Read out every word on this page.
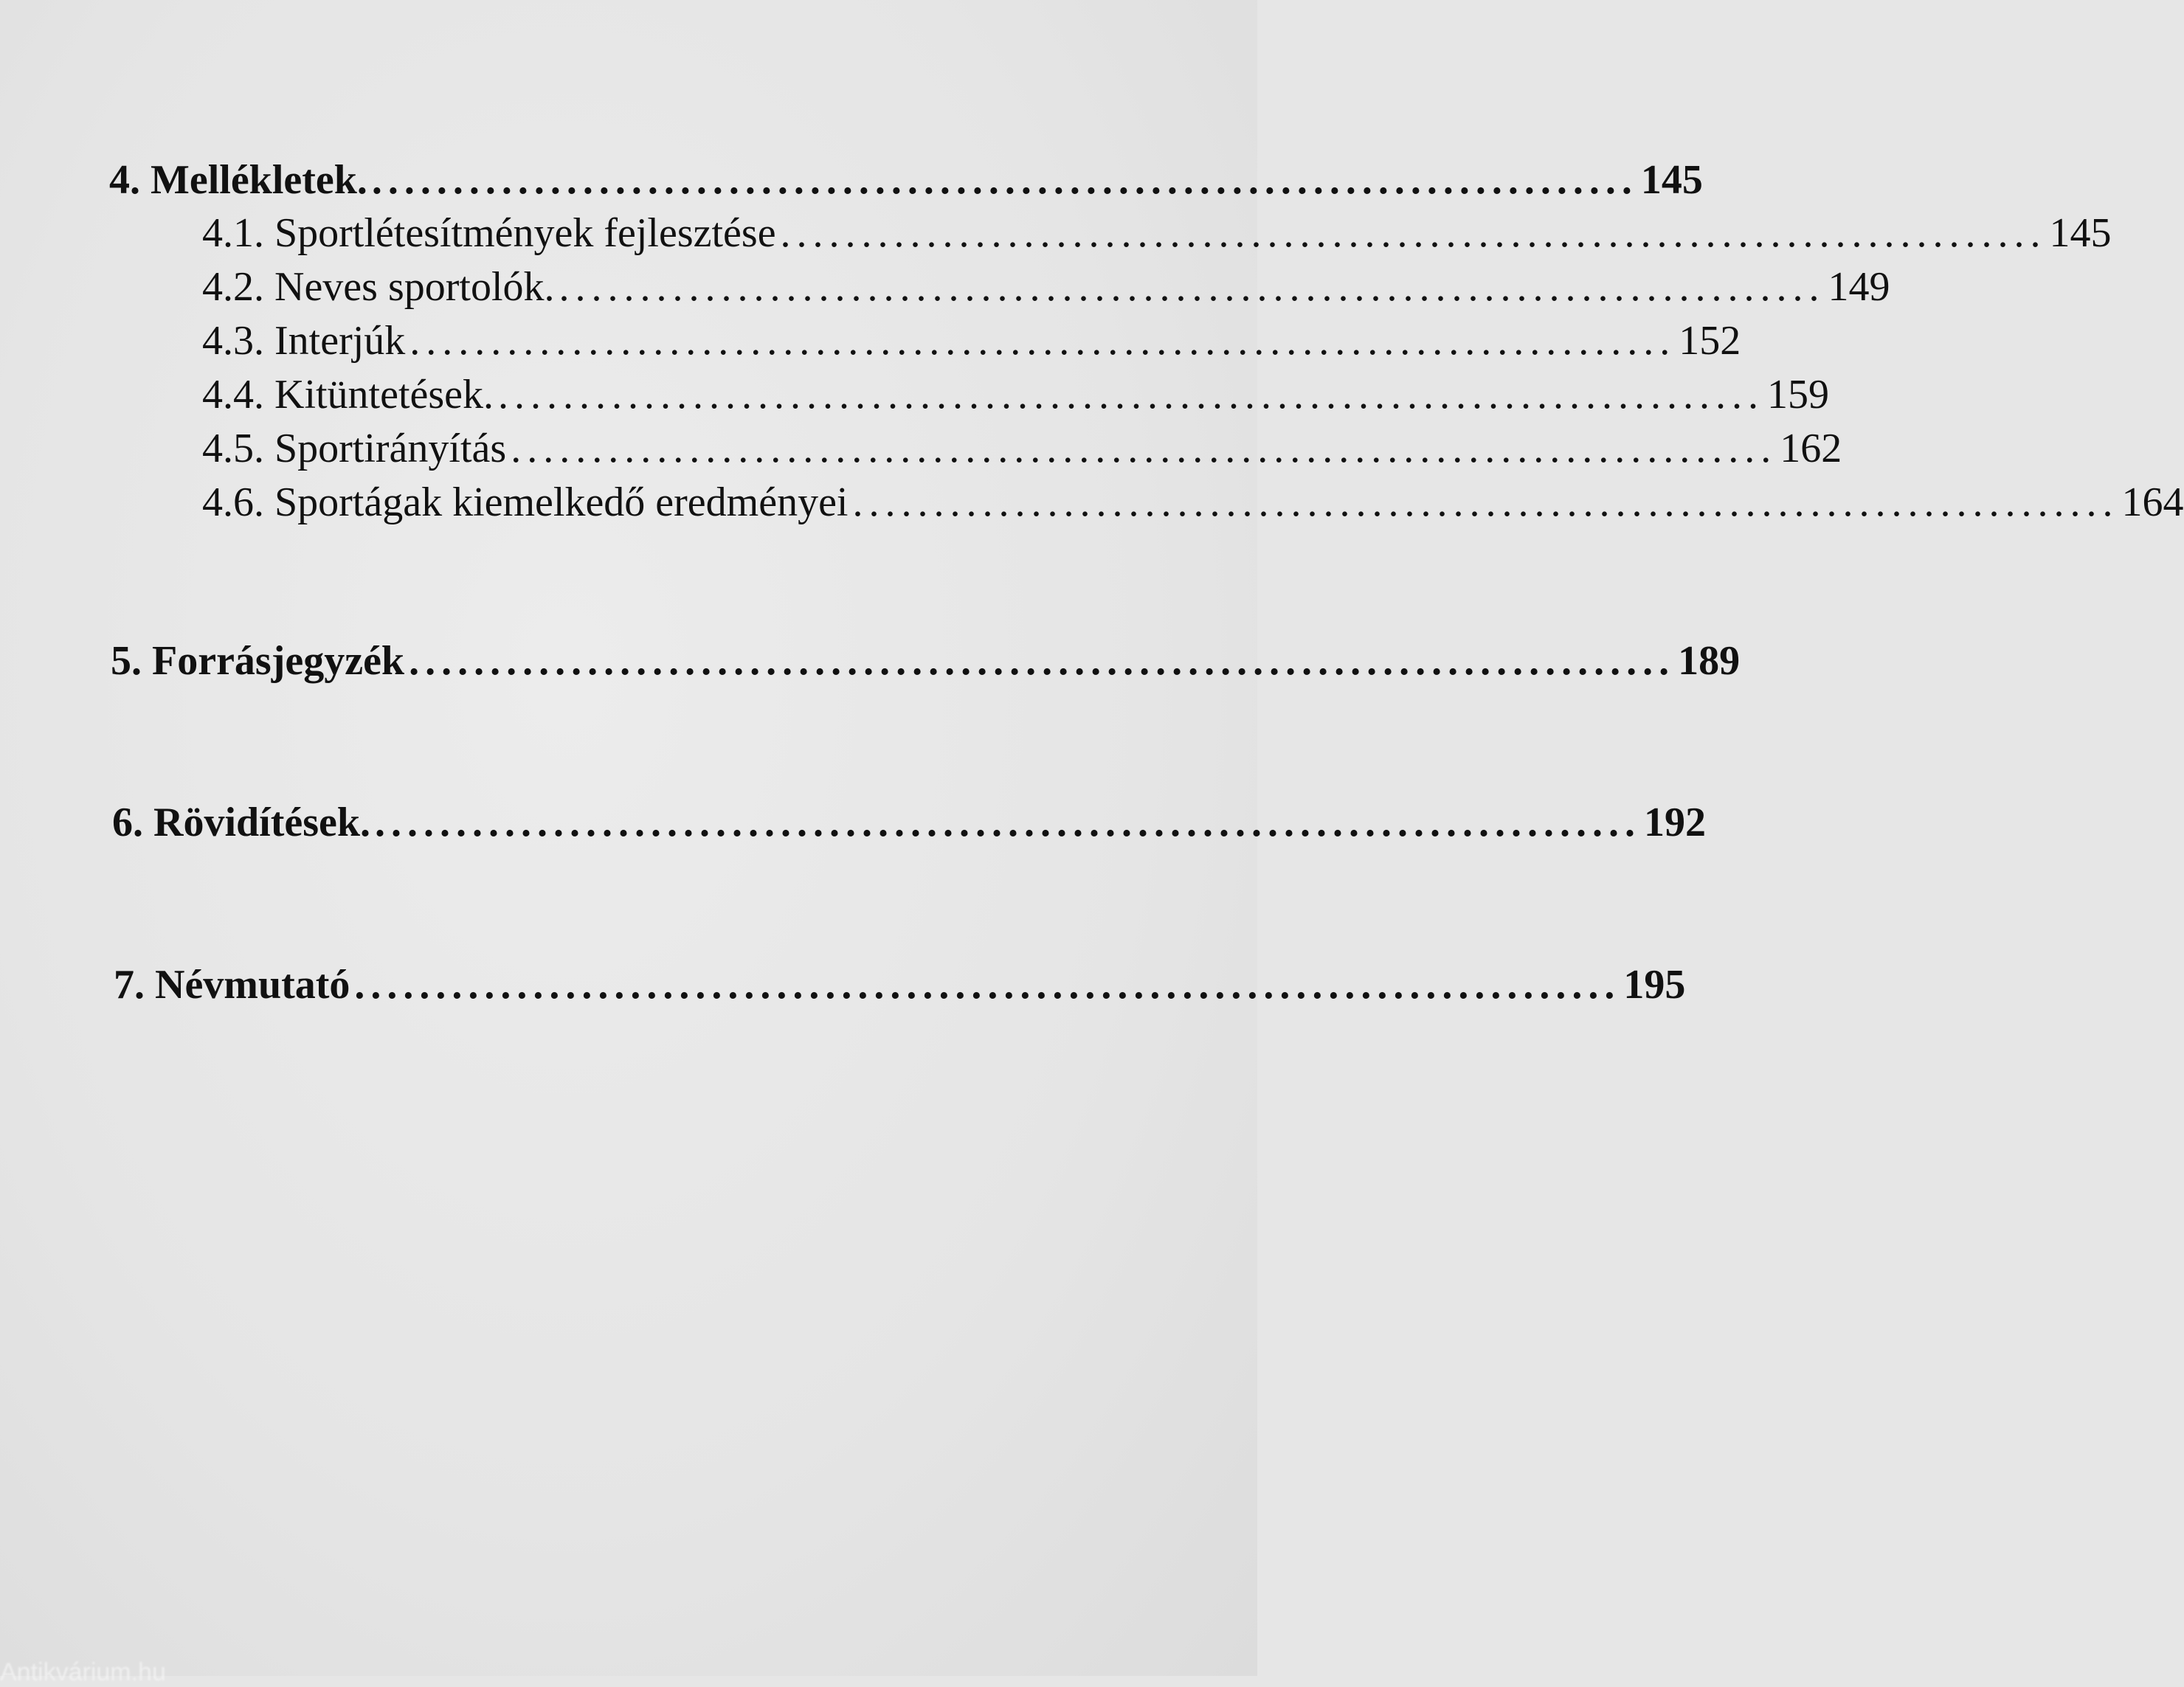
4. Mellékletek. .............................................................................. 145
4.1. Sportlétesítmények fejlesztése .............................................................................. 145
4.2. Neves sportolók. .............................................................................. 149
4.3. Interjúk .............................................................................. 152
4.4. Kitüntetések. .............................................................................. 159
4.5. Sportirányítás .............................................................................. 162
4.6. Sportágak kiemelkedő eredményei .............................................................................. 164
5. Forrásjegyzék .............................................................................. 189
6. Rövidítések. .............................................................................. 192
7. Névmutató .............................................................................. 195
Antikvárium.hu
